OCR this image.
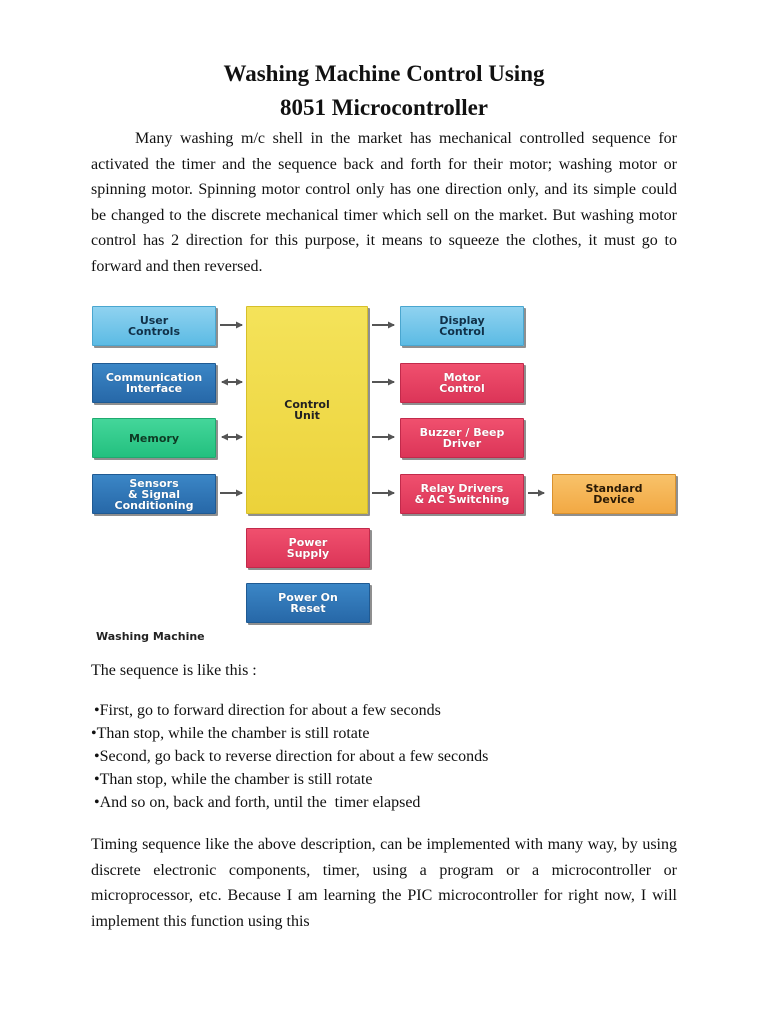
Washing Machine Control Using
8051 Microcontroller

Many washing m/c shell in the market has mechanical controlled sequence for activated the timer and the sequence back and forth for their motor; washing motor or spinning motor. Spinning motor control only has one direction only, and its simple could be changed to the discrete mechanical timer which sell on the market. But washing motor control has 2 direction for this purpose, it means to squeeze the clothes, it must go to forward and then reversed.

User
Controls
Communication
Interface
Memory
Sensors
& Signal
Conditioning
Control
Unit
Power
Supply
Power On
Reset
Display
Control
Motor
Control
Buzzer / Beep
Driver
Relay Drivers
& AC Switching
Standard
Device
Washing Machine
The sequence is like this :
•First, go to forward direction for about a few seconds
•Than stop, while the chamber is still rotate
•Second, go back to reverse direction for about a few seconds
•Than stop, while the chamber is still rotate
•And so on, back and forth, until the  timer elapsed

Timing sequence like the above description, can be implemented with many way, by using discrete electronic components, timer, using a program or a microcontroller or microprocessor, etc. Because I am learning the PIC microcontroller for right now, I will implement this function using this
